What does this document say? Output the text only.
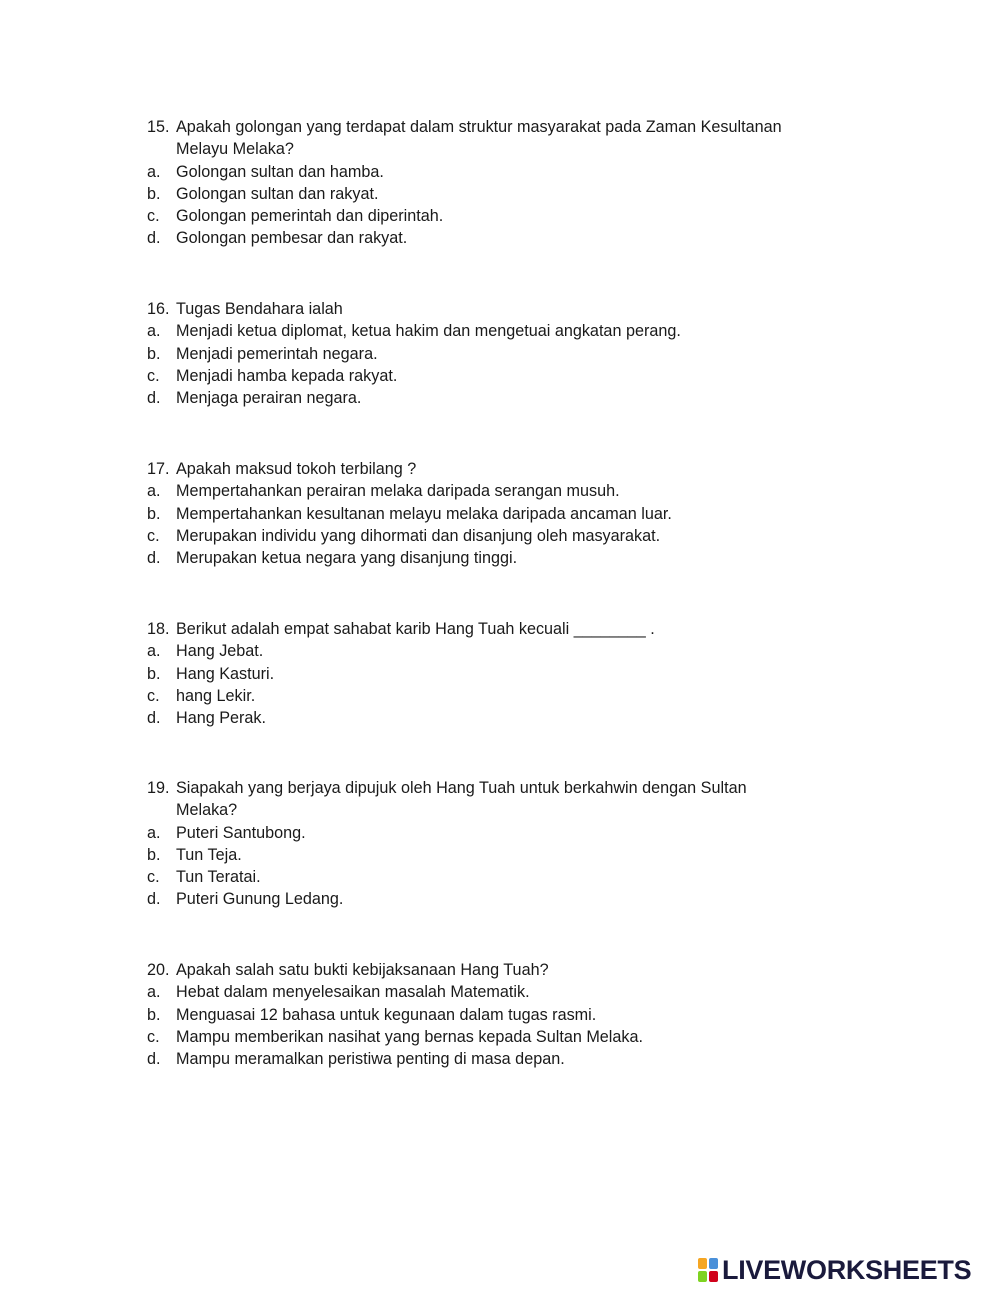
15. Apakah golongan yang terdapat dalam struktur masyarakat pada Zaman Kesultanan
Melayu Melaka?
a. Golongan sultan dan hamba.
b. Golongan sultan dan rakyat.
c. Golongan pemerintah dan diperintah.
d. Golongan pembesar dan rakyat.
16. Tugas Bendahara ialah
a. Menjadi ketua diplomat, ketua hakim dan mengetuai angkatan perang.
b. Menjadi pemerintah negara.
c. Menjadi hamba kepada rakyat.
d. Menjaga perairan negara.
17. Apakah maksud tokoh terbilang ?
a. Mempertahankan perairan melaka daripada serangan musuh.
b. Mempertahankan kesultanan melayu melaka daripada ancaman luar.
c. Merupakan individu yang dihormati dan disanjung oleh masyarakat.
d. Merupakan ketua negara yang disanjung tinggi.
18. Berikut adalah empat sahabat karib Hang Tuah kecuali ________ .
a. Hang Jebat.
b. Hang Kasturi.
c. hang Lekir.
d. Hang Perak.
19. Siapakah yang berjaya dipujuk oleh Hang Tuah untuk berkahwin dengan Sultan
Melaka?
a. Puteri Santubong.
b. Tun Teja.
c. Tun Teratai.
d. Puteri Gunung Ledang.
20. Apakah salah satu bukti kebijaksanaan Hang Tuah?
a. Hebat dalam menyelesaikan masalah Matematik.
b. Menguasai 12 bahasa untuk kegunaan dalam tugas rasmi.
c. Mampu memberikan nasihat yang bernas kepada Sultan Melaka.
d. Mampu meramalkan peristiwa penting di masa depan.
LIVEWORKSHEETS
